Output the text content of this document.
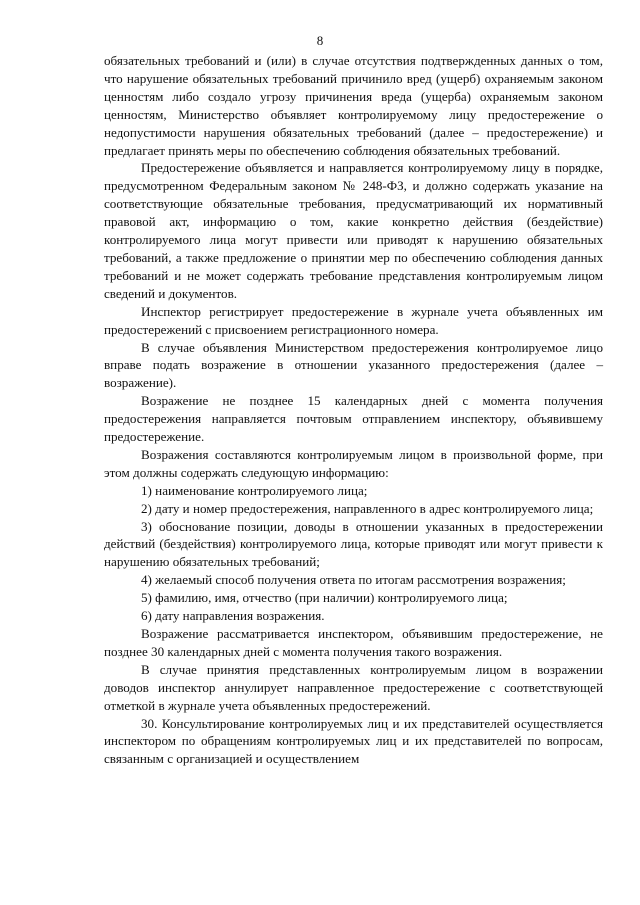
8

обязательных требований и (или) в случае отсутствия подтвержденных данных о том, что нарушение обязательных требований причинило вред (ущерб) охраняемым законом ценностям либо создало угрозу причинения вреда (ущерба) охраняемым законом ценностям, Министерство объявляет контролируемому лицу предостережение о недопустимости нарушения обязательных требований (далее – предостережение) и предлагает принять меры по обеспечению соблюдения обязательных требований.

Предостережение объявляется и направляется контролируемому лицу в порядке, предусмотренном Федеральным законом № 248-ФЗ, и должно содержать указание на соответствующие обязательные требования, предусматривающий их нормативный правовой акт, информацию о том, какие конкретно действия (бездействие) контролируемого лица могут привести или приводят к нарушению обязательных требований, а также предложение о принятии мер по обеспечению соблюдения данных требований и не может содержать требование представления контролируемым лицом сведений и документов.

Инспектор регистрирует предостережение в журнале учета объявленных им предостережений с присвоением регистрационного номера.

В случае объявления Министерством предостережения контролируемое лицо вправе подать возражение в отношении указанного предостережения (далее – возражение).

Возражение не позднее 15 календарных дней с момента получения предостережения направляется почтовым отправлением инспектору, объявившему предостережение.

Возражения составляются контролируемым лицом в произвольной форме, при этом должны содержать следующую информацию:

1) наименование контролируемого лица;

2) дату и номер предостережения, направленного в адрес контролируемого лица;

3) обоснование позиции, доводы в отношении указанных в предостережении действий (бездействия) контролируемого лица, которые приводят или могут привести к нарушению обязательных требований;

4) желаемый способ получения ответа по итогам рассмотрения возражения;

5) фамилию, имя, отчество (при наличии) контролируемого лица;

6) дату направления возражения.

Возражение рассматривается инспектором, объявившим предостережение, не позднее 30 календарных дней с момента получения такого возражения.

В случае принятия представленных контролируемым лицом в возражении доводов инспектор аннулирует направленное предостережение с соответствующей отметкой в журнале учета объявленных предостережений.

30. Консультирование контролируемых лиц и их представителей осуществляется инспектором по обращениям контролируемых лиц и их представителей по вопросам, связанным с организацией и осуществлением
